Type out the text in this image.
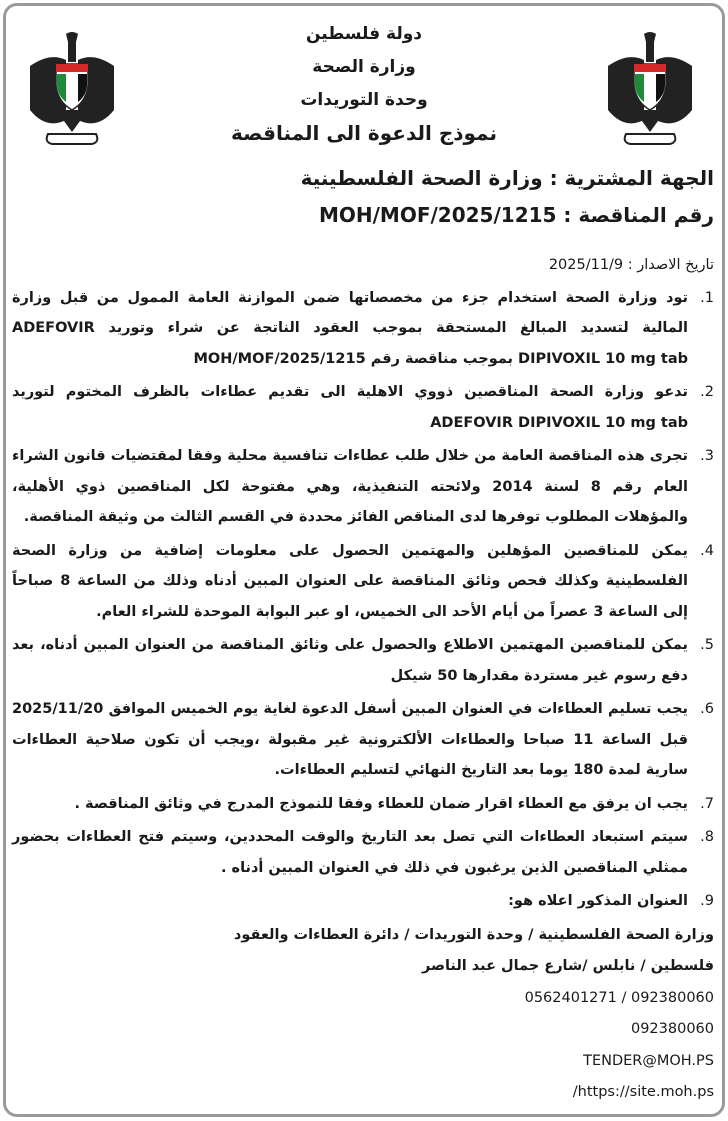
دولة فلسطين
وزارة الصحة
وحدة التوريدات
نموذج الدعوة الى المناقصة
الجهة المشترية : وزارة الصحة الفلسطينية
رقم المناقصة : MOH/MOF/2025/1215
تاريخ الاصدار : 2025/11/9
1.
تود وزارة الصحة استخدام جزء من مخصصاتها ضمن الموازنة العامة الممول من قبل وزارة المالية لتسديد المبالغ المستحقة بموجب العقود الناتجة عن شراء وتوريد ADEFOVIR DIPIVOXIL 10 mg tab بموجب مناقصة رقم MOH/MOF/2025/1215
2.
تدعو وزارة الصحة المناقصين ذووي الاهلية الى تقديم عطاءات بالظرف المختوم لتوريد ADEFOVIR DIPIVOXIL 10 mg tab
3.
تجرى هذه المناقصة العامة من خلال طلب عطاءات تنافسية محلية وفقا لمقتضيات قانون الشراء العام رقم 8 لسنة 2014 ولائحته التنفيذية، وهي مفتوحة لكل المناقصين ذوي الأهلية، والمؤهلات المطلوب توفرها لدى المناقص الفائز محددة في القسم الثالث من وثيقة المناقصة.
4.
يمكن للمناقصين المؤهلين والمهتمين الحصول على معلومات إضافية من وزارة الصحة الفلسطينية وكذلك فحص وثائق المناقصة على العنوان المبين أدناه وذلك من الساعة 8 صباحاً إلى الساعة 3 عصراً من أيام الأحد الى الخميس، او عبر البوابة الموحدة للشراء العام.
5.
يمكن للمناقصين المهتمين الاطلاع والحصول على وثائق المناقصة من العنوان المبين أدناه، بعد دفع رسوم غير مستردة مقدارها 50 شيكل
6.
يجب تسليم العطاءات في العنوان المبين أسفل الدعوة لغاية يوم الخميس الموافق 2025/11/20 قبل الساعة 11 صباحا والعطاءات الألكترونية غير مقبولة ،ويجب أن تكون صلاحية العطاءات سارية لمدة 180 يوما بعد التاريخ النهائي لتسليم العطاءات.
7.
يجب ان يرفق مع العطاء اقرار ضمان للعطاء وفقا للنموذج المدرج في وثائق المناقصة .
8.
سيتم استبعاد العطاءات التي تصل بعد التاريخ والوقت المحددين، وسيتم فتح العطاءات بحضور ممثلي المناقصين الذين يرغبون في ذلك في العنوان المبين أدناه .
9.
العنوان المذكور اعلاه هو:
وزارة الصحة الفلسطينية / وحدة التوريدات / دائرة العطاءات والعقود
فلسطين / نابلس /شارع جمال عبد الناصر
0562401271 / 092380060
092380060
TENDER@MOH.PS
/https://site.moh.ps
